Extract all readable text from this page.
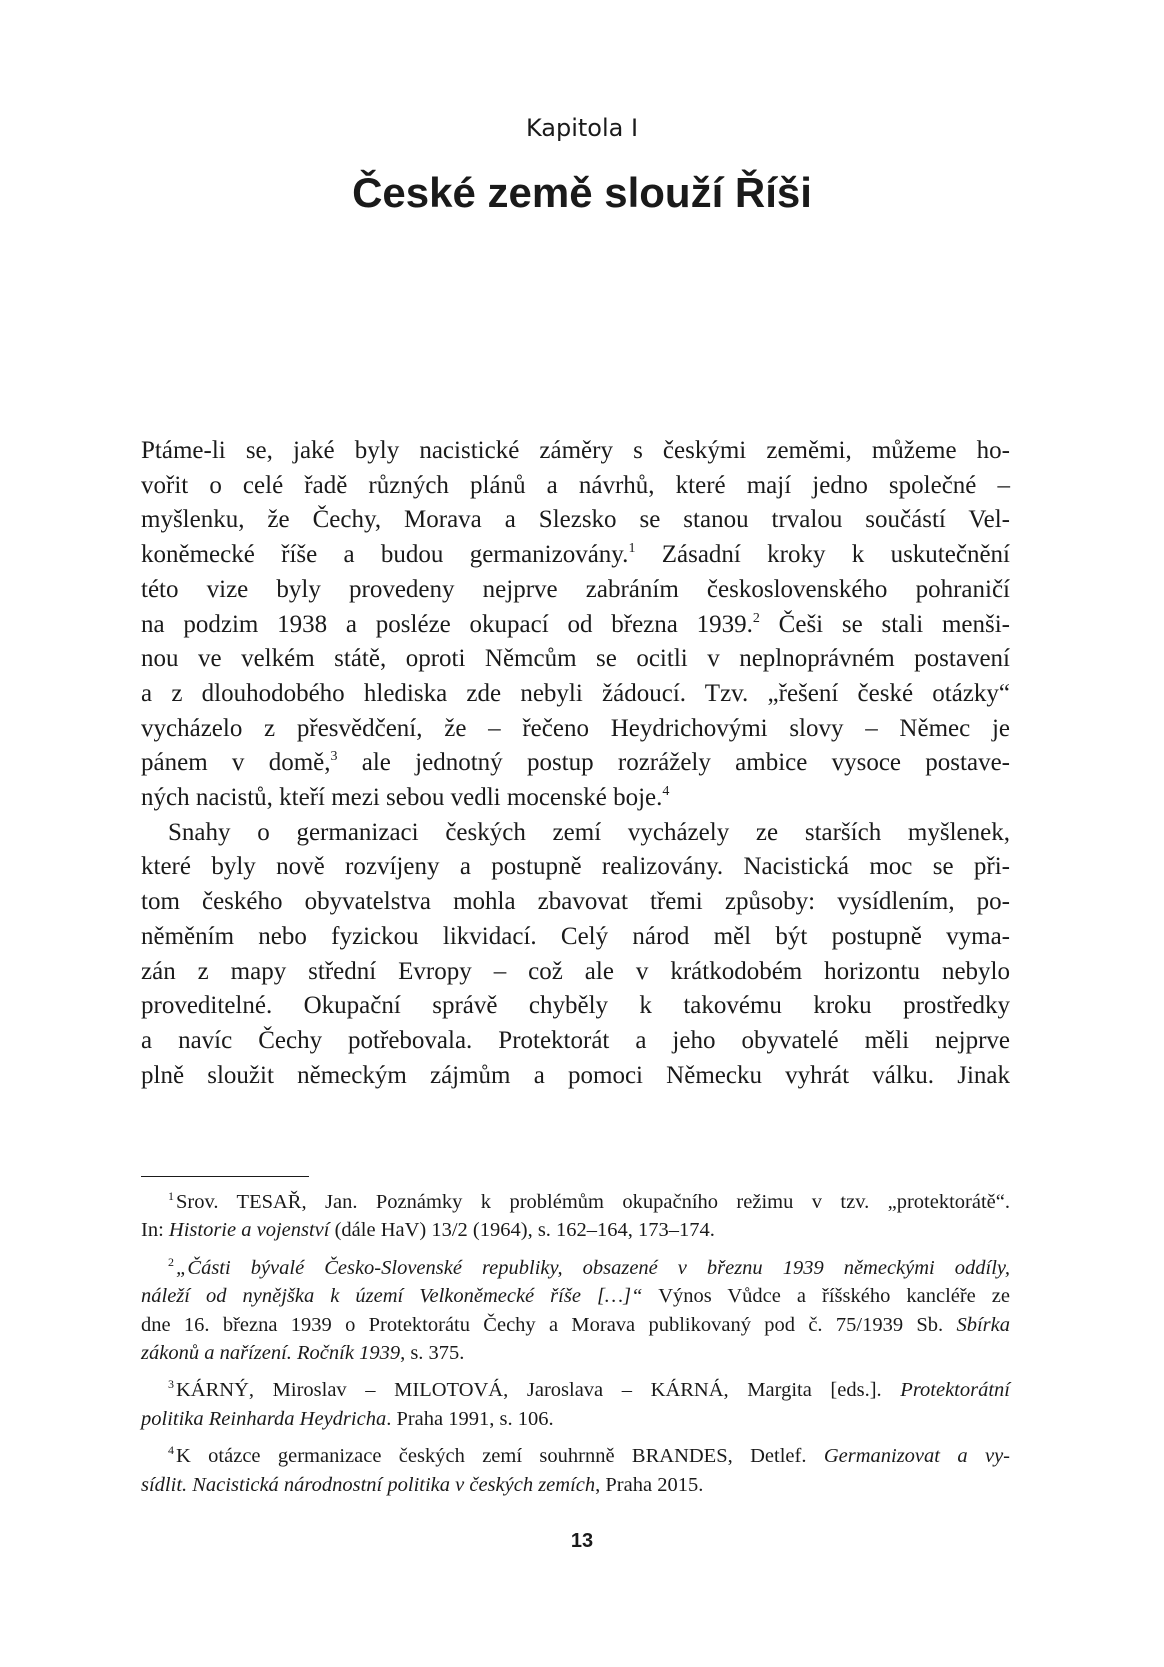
Kapitola I
České země slouží Říši
Ptáme-li se, jaké byly nacistické záměry s českými zeměmi, můžeme ho-
vořit o celé řadě různých plánů a návrhů, které mají jedno společné –
myšlenku, že Čechy, Morava a Slezsko se stanou trvalou součástí Vel-
koněmecké říše a budou germanizovány.$^1$ Zásadní kroky k uskutečnění
této vize byly provedeny nejprve zabráním československého pohraničí
na podzim 1938 a posléze okupací od března 1939.$^2$ Češi se stali menši-
nou ve velkém státě, oproti Němcům se ocitli v neplnoprávném postavení
a z dlouhodobého hlediska zde nebyli žádoucí. Tzv. „řešení české otázky“
vycházelo z přesvědčení, že – řečeno Heydrichovými slovy – Němec je
pánem v domě,$^3$ ale jednotný postup rozrážely ambice vysoce postave-
ných nacistů, kteří mezi sebou vedli mocenské boje.$^4$
Snahy o germanizaci českých zemí vycházely ze starších myšlenek,
které byly nově rozvíjeny a postupně realizovány. Nacistická moc se při-
tom českého obyvatelstva mohla zbavovat třemi způsoby: vysídlením, po-
něměním nebo fyzickou likvidací. Celý národ měl být postupně vyma-
zán z mapy střední Evropy – což ale v krátkodobém horizontu nebylo
proveditelné. Okupační správě chyběly k takovému kroku prostředky
a navíc Čechy potřebovala. Protektorát a jeho obyvatelé měli nejprve
plně sloužit německým zájmům a pomoci Německu vyhrát válku. Jinak
$^1$Srov. TESAŘ, Jan. Poznámky k problémům okupačního režimu v tzv. „protektorátě“.
In: Historie a vojenství (dále HaV) 13/2 (1964), s. 162–164, 173–174.
$^2$„Části bývalé Česko-Slovenské republiky, obsazené v březnu 1939 německými oddíly,
náleží od nynějška k území Velkoněmecké říše […]“ Výnos Vůdce a říšského kancléře ze
dne 16. března 1939 o Protektorátu Čechy a Morava publikovaný pod č. 75/1939 Sb. Sbírka
zákonů a nařízení. Ročník 1939, s. 375.
$^3$KÁRNÝ, Miroslav – MILOTOVÁ, Jaroslava – KÁRNÁ, Margita [eds.]. Protektorátní
politika Reinharda Heydricha. Praha 1991, s. 106.
$^4$K otázce germanizace českých zemí souhrnně BRANDES, Detlef. Germanizovat a vy-
sídlit. Nacistická národnostní politika v českých zemích, Praha 2015.
13
